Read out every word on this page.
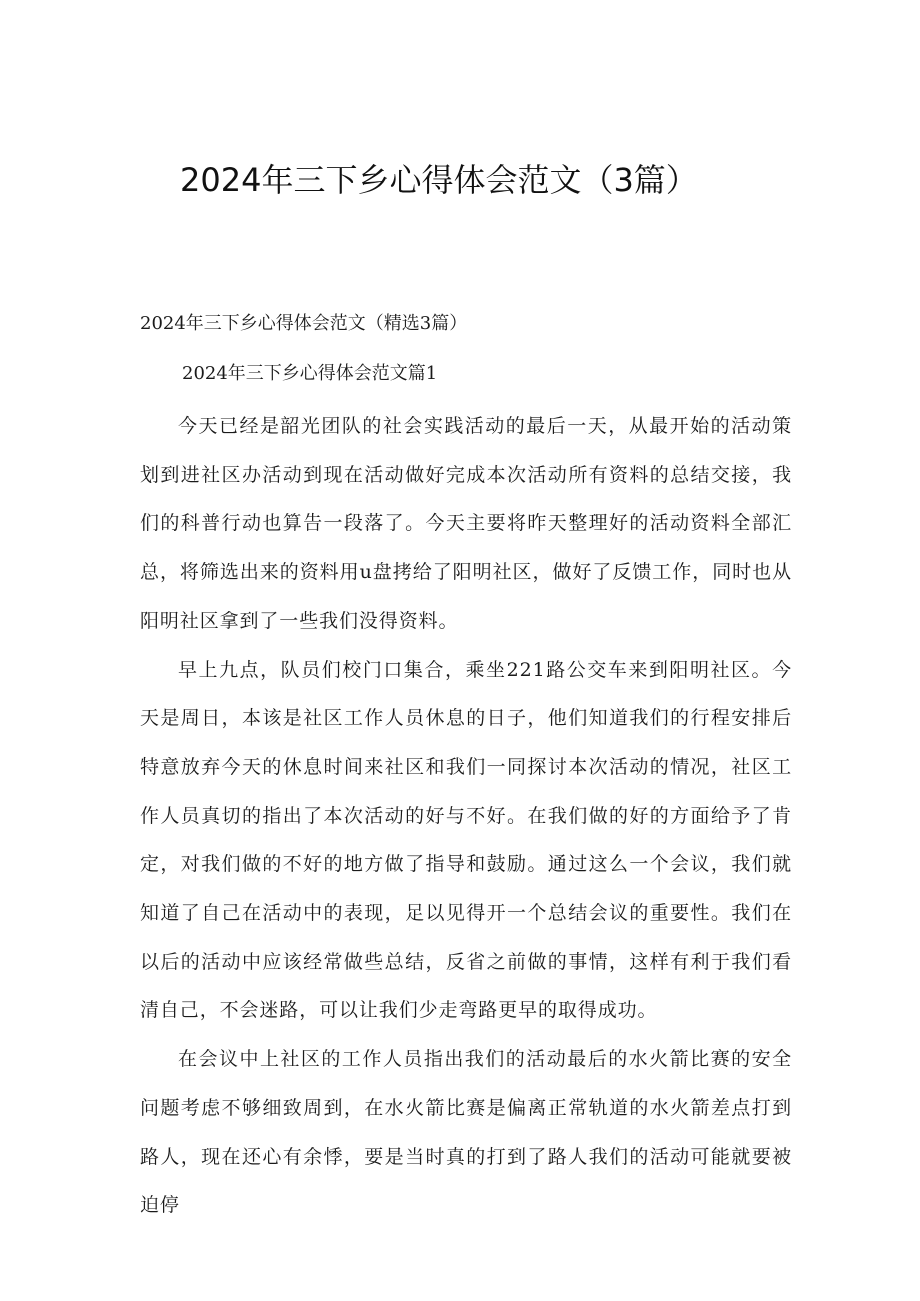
2024年三下乡心得体会范文（3篇）

2024年三下乡心得体会范文（精选3篇）

2024年三下乡心得体会范文篇1

今天已经是韶光团队的社会实践活动的最后一天，从最开始的活动策划到进社区办活动到现在活动做好完成本次活动所有资料的总结交接，我们的科普行动也算告一段落了。今天主要将昨天整理好的活动资料全部汇总，将筛选出来的资料用u盘拷给了阳明社区，做好了反馈工作，同时也从阳明社区拿到了一些我们没得资料。

早上九点，队员们校门口集合，乘坐221路公交车来到阳明社区。今天是周日，本该是社区工作人员休息的日子，他们知道我们的行程安排后特意放弃今天的休息时间来社区和我们一同探讨本次活动的情况，社区工作人员真切的指出了本次活动的好与不好。在我们做的好的方面给予了肯定，对我们做的不好的地方做了指导和鼓励。通过这么一个会议，我们就知道了自己在活动中的表现，足以见得开一个总结会议的重要性。我们在以后的活动中应该经常做些总结，反省之前做的事情，这样有利于我们看清自己，不会迷路，可以让我们少走弯路更早的取得成功。

在会议中上社区的工作人员指出我们的活动最后的水火箭比赛的安全问题考虑不够细致周到，在水火箭比赛是偏离正常轨道的水火箭差点打到路人，现在还心有余悸，要是当时真的打到了路人我们的活动可能就要被迫停
